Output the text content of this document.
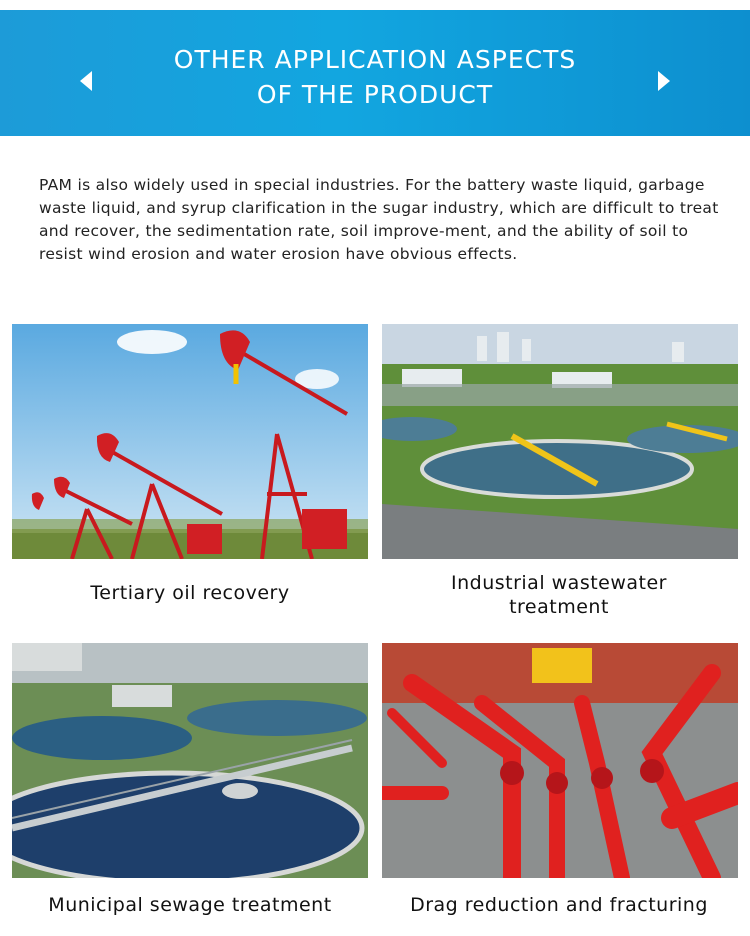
OTHER APPLICATION ASPECTS
OF THE PRODUCT

PAM is also widely used in special industries. For the battery waste liquid, garbage waste liquid, and syrup clarification in the sugar industry, which are difficult to treat and recover, the sedimentation rate, soil improve-ment, and the ability of soil to resist wind erosion and water erosion have obvious effects.

Tertiary oil recovery	Industrial wastewater treatment
Municipal sewage treatment	Drag reduction and fracturing
